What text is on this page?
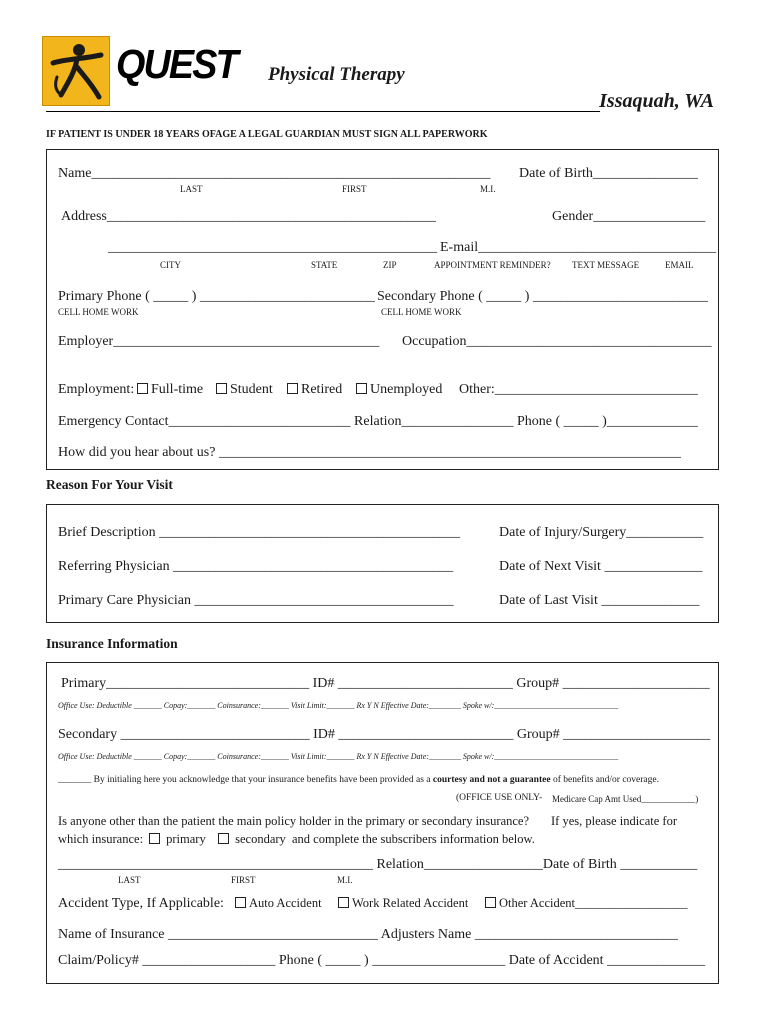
QUEST Physical Therapy
Issaquah, WA
IF PATIENT IS UNDER 18 YEARS OFAGE A LEGAL GUARDIAN MUST SIGN ALL PAPERWORK
Name_________________________________________________________ Date of Birth_______________
LAST	FIRST	M.I.
Address_______________________________________________	Gender________________
_______________________________________________ E-mail__________________________________
CITY	STATE	ZIP	APPOINTMENT REMINDER? TEXT MESSAGE	EMAIL
Primary Phone ( _____ ) _________________________ Secondary Phone ( _____ ) _________________________
CELL HOME WORK	CELL HOME WORK
Employer______________________________________ Occupation___________________________________
Employment:	Full-time	Student	Retired	Unemployed Other:_____________________________
Emergency Contact__________________________ Relation________________ Phone ( _____ )_____________
How did you hear about us? __________________________________________________________________
Reason For Your Visit
Brief Description ___________________________________________	Date of Injury/Surgery___________
Referring Physician ________________________________________	Date of Next Visit ______________
Primary Care Physician _____________________________________	Date of Last Visit ______________
Insurance Information
Primary_____________________________ ID# _________________________ Group# _____________________
Office Use: Deductible _______ Copay:_______ Coinsurance:_______ Visit Limit:_______ Rx Y N Effective Date:________ Spoke w/:_______________________________
Secondary ___________________________ ID# _________________________ Group# _____________________
Office Use: Deductible _______ Copay:_______ Coinsurance:_______ Visit Limit:_______ Rx Y N Effective Date:________ Spoke w/:_______________________________
_______ By initialing here you acknowledge that your insurance benefits have been provided as a courtesy and not a guarantee of benefits and/or coverage.
(OFFICE USE ONLY- Medicare Cap Amt Used____________)
Is anyone other than the patient the main policy holder in the primary or secondary insurance? If yes, please indicate for
which insurance:	primary	secondary and complete the subscribers information below.
_____________________________________________ Relation_________________Date of Birth ___________
LAST	FIRST	M.I.
Accident Type, If Applicable:	Auto Accident	Work Related Accident	Other Accident__________________
Name of Insurance ______________________________ Adjusters Name _____________________________
Claim/Policy# ___________________ Phone ( _____ ) ___________________ Date of Accident ______________
